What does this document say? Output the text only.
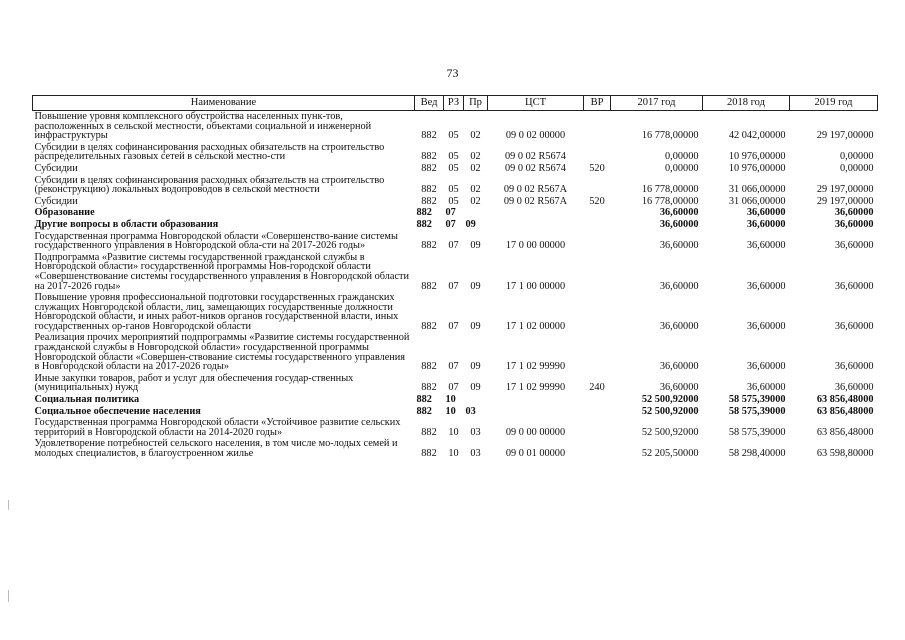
73
Наименование	Вед	РЗ	Пр	ЦСТ	ВР	2017 год	2018 год	2019 год
Повышение уровня комплексного обустройства населенных пунк-тов, расположенных в сельской местности, объектами социальной и инженерной инфраструктуры	882	05	02	09 0 02 00000		16 778,00000	42 042,00000	29 197,00000
Субсидии в целях софинансирования расходных обязательств на строительство распределительных газовых сетей в сельской местно-сти	882	05	02	09 0 02 R5674		0,00000	10 976,00000	0,00000
Субсидии	882	05	02	09 0 02 R5674	520	0,00000	10 976,00000	0,00000
Субсидии в целях софинансирования расходных обязательств на строительство (реконструкцию) локальных водопроводов в сельской местности	882	05	02	09 0 02 R567А		16 778,00000	31 066,00000	29 197,00000
Субсидии	882	05	02	09 0 02 R567А	520	16 778,00000	31 066,00000	29 197,00000
Образование	882	07				36,60000	36,60000	36,60000
Другие вопросы в области образования	882	07	09			36,60000	36,60000	36,60000
Государственная программа Новгородской области «Совершенство-вание системы государственного управления в Новгородской обла-сти на 2017-2026 годы»	882	07	09	17 0 00 00000		36,60000	36,60000	36,60000
Подпрограмма «Развитие системы государственной гражданской службы в Новгородской области» государственной программы Нов-городской области «Совершенствование системы государственного управления в Новгородской области на 2017-2026 годы»	882	07	09	17 1 00 00000		36,60000	36,60000	36,60000
Повышение уровня профессиональной подготовки государственных гражданских служащих Новгородской области, лиц, замещающих государственные должности Новгородской области, и иных работ-ников органов государственной власти, иных государственных ор-ганов Новгородской области	882	07	09	17 1 02 00000		36,60000	36,60000	36,60000
Реализация прочих мероприятий подпрограммы «Развитие системы государственной гражданской службы в Новгородской области» государственной программы Новгородской области «Совершен-ствование системы государственного управления в Новгородской области на 2017-2026 годы»	882	07	09	17 1 02 99990		36,60000	36,60000	36,60000
Иные закупки товаров, работ и услуг для обеспечения государ-ственных (муниципальных) нужд	882	07	09	17 1 02 99990	240	36,60000	36,60000	36,60000
Социальная политика	882	10				52 500,92000	58 575,39000	63 856,48000
Социальное обеспечение населения	882	10	03			52 500,92000	58 575,39000	63 856,48000
Государственная программа Новгородской области «Устойчивое развитие сельских территорий в Новгородской области на 2014-2020 годы»	882	10	03	09 0 00 00000		52 500,92000	58 575,39000	63 856,48000
Удовлетворение потребностей сельского населения, в том числе мо-лодых семей и молодых специалистов, в благоустроенном жилье	882	10	03	09 0 01 00000		52 205,50000	58 298,40000	63 598,80000
